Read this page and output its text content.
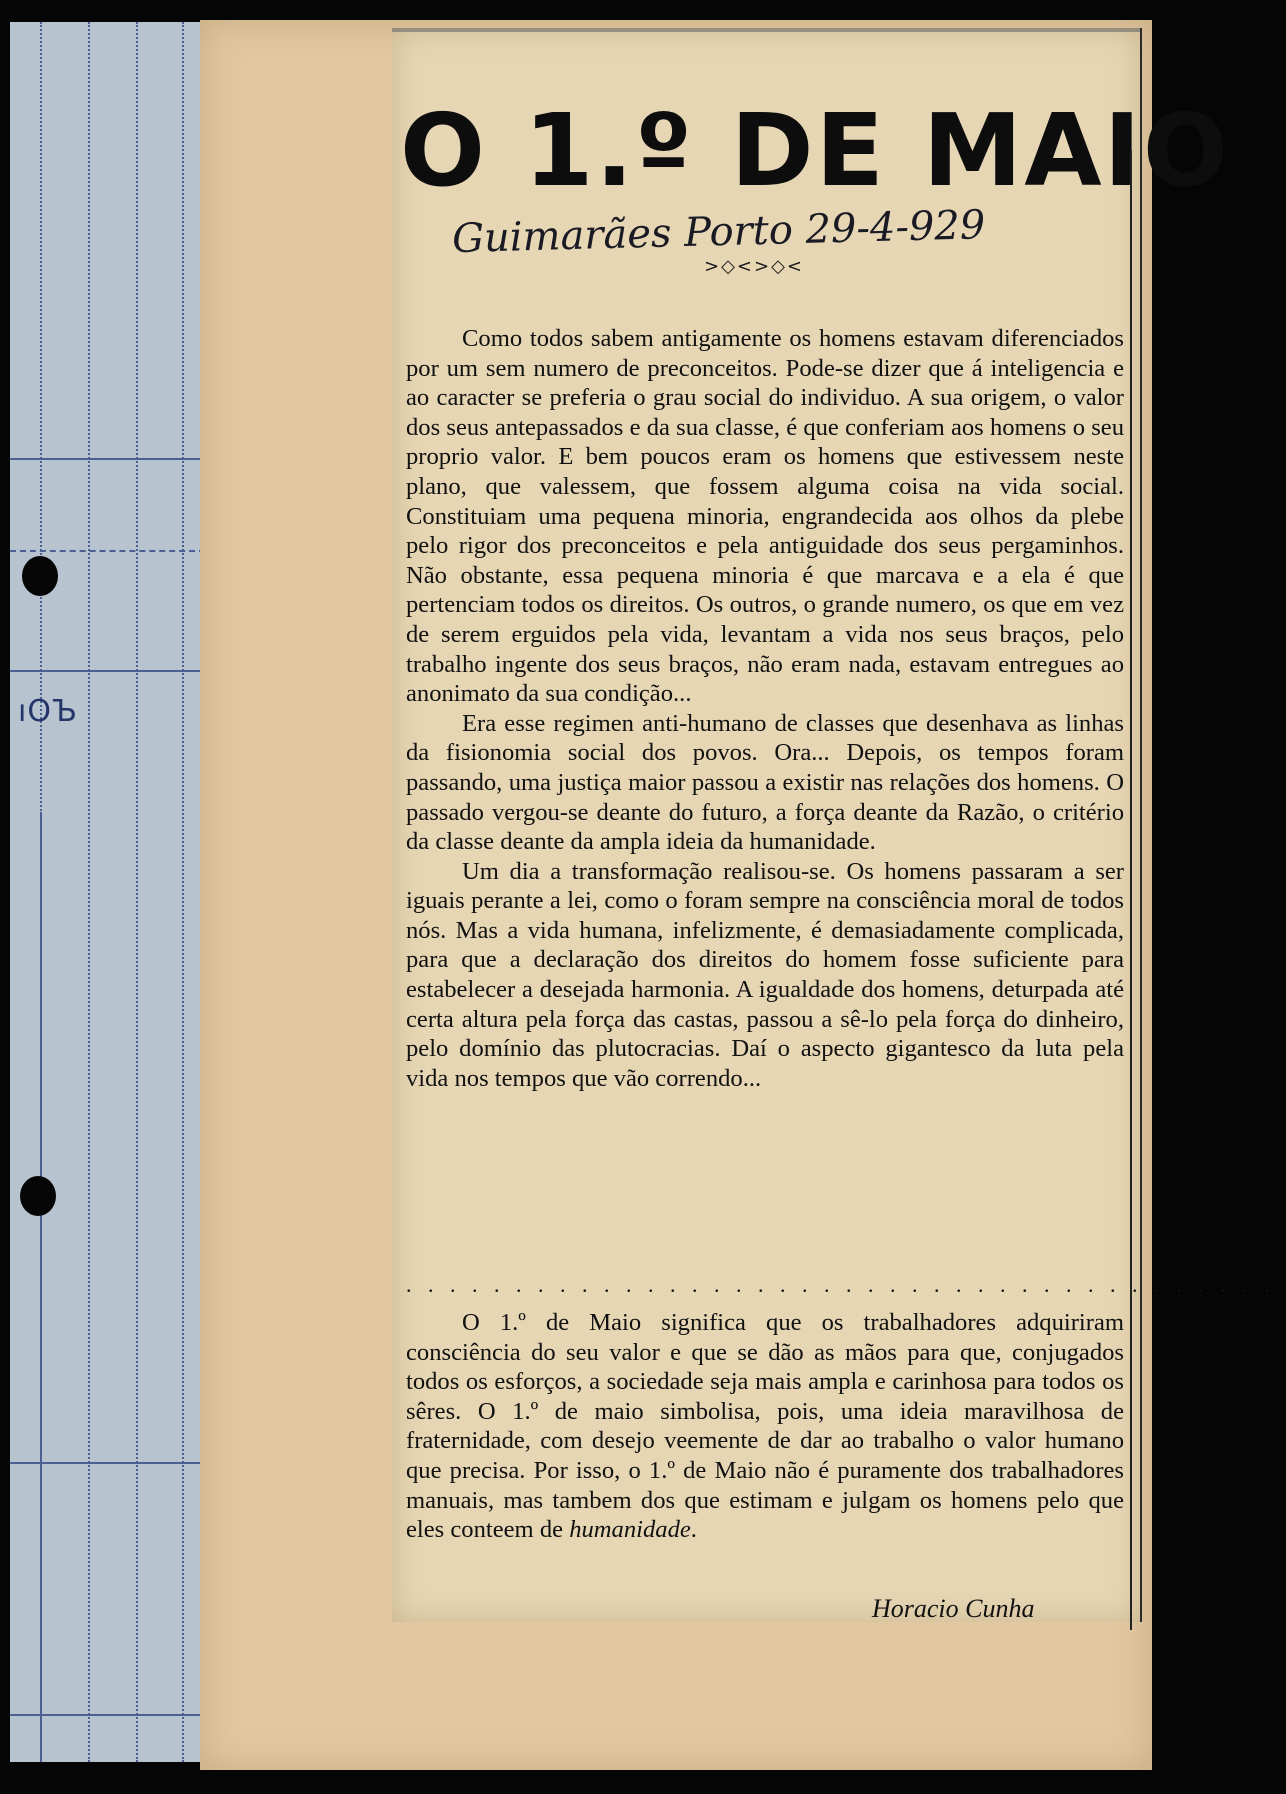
ıОЪ
O 1.º DE MAIO
Guimarães Porto 29-4-929
>◇<>◇<

Como todos sabem antigamente os homens estavam diferenciados por um sem numero de preconceitos. Pode-se dizer que á inteligencia e ao caracter se preferia o grau social do individuo. A sua origem, o valor dos seus antepassados e da sua classe, é que conferiam aos homens o seu proprio valor. E bem poucos eram os homens que estivessem neste plano, que valessem, que fossem alguma coisa na vida social. Constituiam uma pequena minoria, engrandecida aos olhos da plebe pelo rigor dos preconceitos e pela antiguidade dos seus pergaminhos. Não obstante, essa pequena minoria é que marcava e a ela é que pertenciam todos os direitos. Os outros, o grande numero, os que em vez de serem erguidos pela vida, levantam a vida nos seus braços, pelo trabalho ingente dos seus braços, não eram nada, estavam entregues ao anonimato da sua condição...

Era esse regimen anti-humano de classes que desenhava as linhas da fisionomia social dos povos. Ora... Depois, os tempos foram passando, uma justiça maior passou a existir nas relações dos homens. O passado vergou-se deante do futuro, a força deante da Razão, o critério da classe deante da ampla ideia da humanidade.

Um dia a transformação realisou-se. Os homens passaram a ser iguais perante a lei, como o foram sempre na consciência moral de todos nós. Mas a vida humana, infelizmente, é demasiadamente complicada, para que a declaração dos direitos do homem fosse suficiente para estabelecer a desejada harmonia. A igualdade dos homens, deturpada até certa altura pela força das castas, passou a sê-lo pela força do dinheiro, pelo domínio das plutocracias. Daí o aspecto gigantesco da luta pela vida nos tempos que vão correndo...

........................................

O 1.º de Maio significa que os trabalhadores adquiriram consciência do seu valor e que se dão as mãos para que, conjugados todos os esforços, a sociedade seja mais ampla e carinhosa para todos os sêres. O 1.º de maio simbolisa, pois, uma ideia maravilhosa de fraternidade, com desejo veemente de dar ao trabalho o valor humano que precisa. Por isso, o 1.º de Maio não é puramente dos trabalhadores manuais, mas tambem dos que estimam e julgam os homens pelo que eles conteem de humanidade.

Horacio Cunha
